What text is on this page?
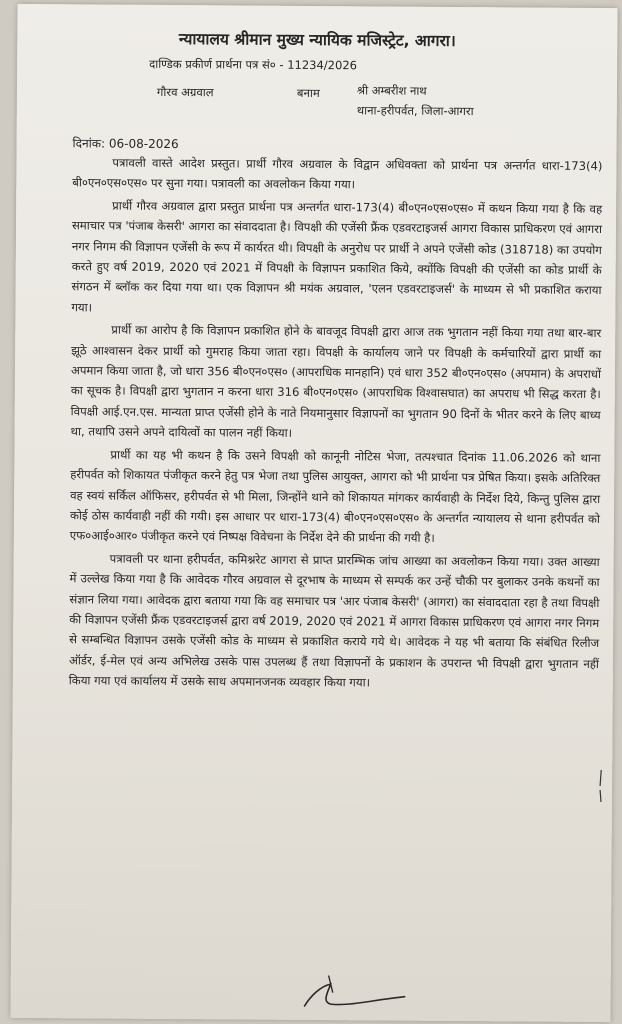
न्यायालय श्रीमान मुख्य न्यायिक मजिस्ट्रेट, आगरा।
दाण्डिक प्रकीर्ण प्रार्थना पत्र सं० - 11234/2026
गौरव अग्रवाल	बनाम	श्री अम्बरीश नाथ
थाना-हरीपर्वत, जिला-आगरा
दिनांक: 06-08-2026

पत्रावली वास्ते आदेश प्रस्तुत। प्रार्थी गौरव अग्रवाल के विद्वान अधिवक्ता को प्रार्थना पत्र अन्तर्गत धारा-173(4) बी०एन०एस०एस० पर सुना गया। पत्रावली का अवलोकन किया गया।

प्रार्थी गौरव अग्रवाल द्वारा प्रस्तुत प्रार्थना पत्र अन्तर्गत धारा-173(4) बी०एन०एस०एस० में कथन किया गया है कि वह समाचार पत्र 'पंजाब केसरी' आगरा का संवाददाता है। विपक्षी की एजेंसी फ्रैंक एडवरटाइजर्स आगरा विकास प्राधिकरण एवं आगरा नगर निगम की विज्ञापन एजेंसी के रूप में कार्यरत थी। विपक्षी के अनुरोध पर प्रार्थी ने अपने एजेंसी कोड (318718) का उपयोग करते हुए वर्ष 2019, 2020 एवं 2021 में विपक्षी के विज्ञापन प्रकाशित किये, क्योंकि विपक्षी की एजेंसी का कोड प्रार्थी के संगठन में ब्लॉक कर दिया गया था। एक विज्ञापन श्री मयंक अग्रवाल, 'एलन एडवरटाइजर्स' के माध्यम से भी प्रकाशित कराया गया।

प्रार्थी का आरोप है कि विज्ञापन प्रकाशित होने के बावजूद विपक्षी द्वारा आज तक भुगतान नहीं किया गया तथा बार-बार झूठे आश्वासन देकर प्रार्थी को गुमराह किया जाता रहा। विपक्षी के कार्यालय जाने पर विपक्षी के कर्मचारियों द्वारा प्रार्थी का अपमान किया जाता है, जो धारा 356 बी०एन०एस० (आपराधिक मानहानि) एवं धारा 352 बी०एन०एस० (अपमान) के अपराधों का सूचक है। विपक्षी द्वारा भुगतान न करना धारा 316 बी०एन०एस० (आपराधिक विश्वासघात) का अपराध भी सिद्ध करता है। विपक्षी आई.एन.एस. मान्यता प्राप्त एजेंसी होने के नाते नियमानुसार विज्ञापनों का भुगतान 90 दिनों के भीतर करने के लिए बाध्य था, तथापि उसने अपने दायित्वों का पालन नहीं किया।

प्रार्थी का यह भी कथन है कि उसने विपक्षी को कानूनी नोटिस भेजा, तत्पश्चात दिनांक 11.06.2026 को थाना हरीपर्वत को शिकायत पंजीकृत करने हेतु पत्र भेजा तथा पुलिस आयुक्त, आगरा को भी प्रार्थना पत्र प्रेषित किया। इसके अतिरिक्त वह स्वयं सर्किल ऑफिसर, हरीपर्वत से भी मिला, जिन्होंने थाने को शिकायत मांगकर कार्यवाही के निर्देश दिये, किन्तु पुलिस द्वारा कोई ठोस कार्यवाही नहीं की गयी। इस आधार पर धारा-173(4) बी०एन०एस०एस० के अन्तर्गत न्यायालय से थाना हरीपर्वत को एफ०आई०आर० पंजीकृत करने एवं निष्पक्ष विवेचना के निर्देश देने की प्रार्थना की गयी है।

पत्रावली पर थाना हरीपर्वत, कमिश्नरेट आगरा से प्राप्त प्रारम्भिक जांच आख्या का अवलोकन किया गया। उक्त आख्या में उल्लेख किया गया है कि आवेदक गौरव अग्रवाल से दूरभाष के माध्यम से सम्पर्क कर उन्हें चौकी पर बुलाकर उनके कथनों का संज्ञान लिया गया। आवेदक द्वारा बताया गया कि वह समाचार पत्र 'आर पंजाब केसरी' (आगरा) का संवाददाता रहा है तथा विपक्षी की विज्ञापन एजेंसी फ्रैंक एडवरटाइजर्स द्वारा वर्ष 2019, 2020 एवं 2021 में आगरा विकास प्राधिकरण एवं आगरा नगर निगम से सम्बन्धित विज्ञापन उसके एजेंसी कोड के माध्यम से प्रकाशित कराये गये थे। आवेदक ने यह भी बताया कि संबंधित रिलीज ऑर्डर, ई-मेल एवं अन्य अभिलेख उसके पास उपलब्ध हैं तथा विज्ञापनों के प्रकाशन के उपरान्त भी विपक्षी द्वारा भुगतान नहीं किया गया एवं कार्यालय में उसके साथ अपमानजनक व्यवहार किया गया।
